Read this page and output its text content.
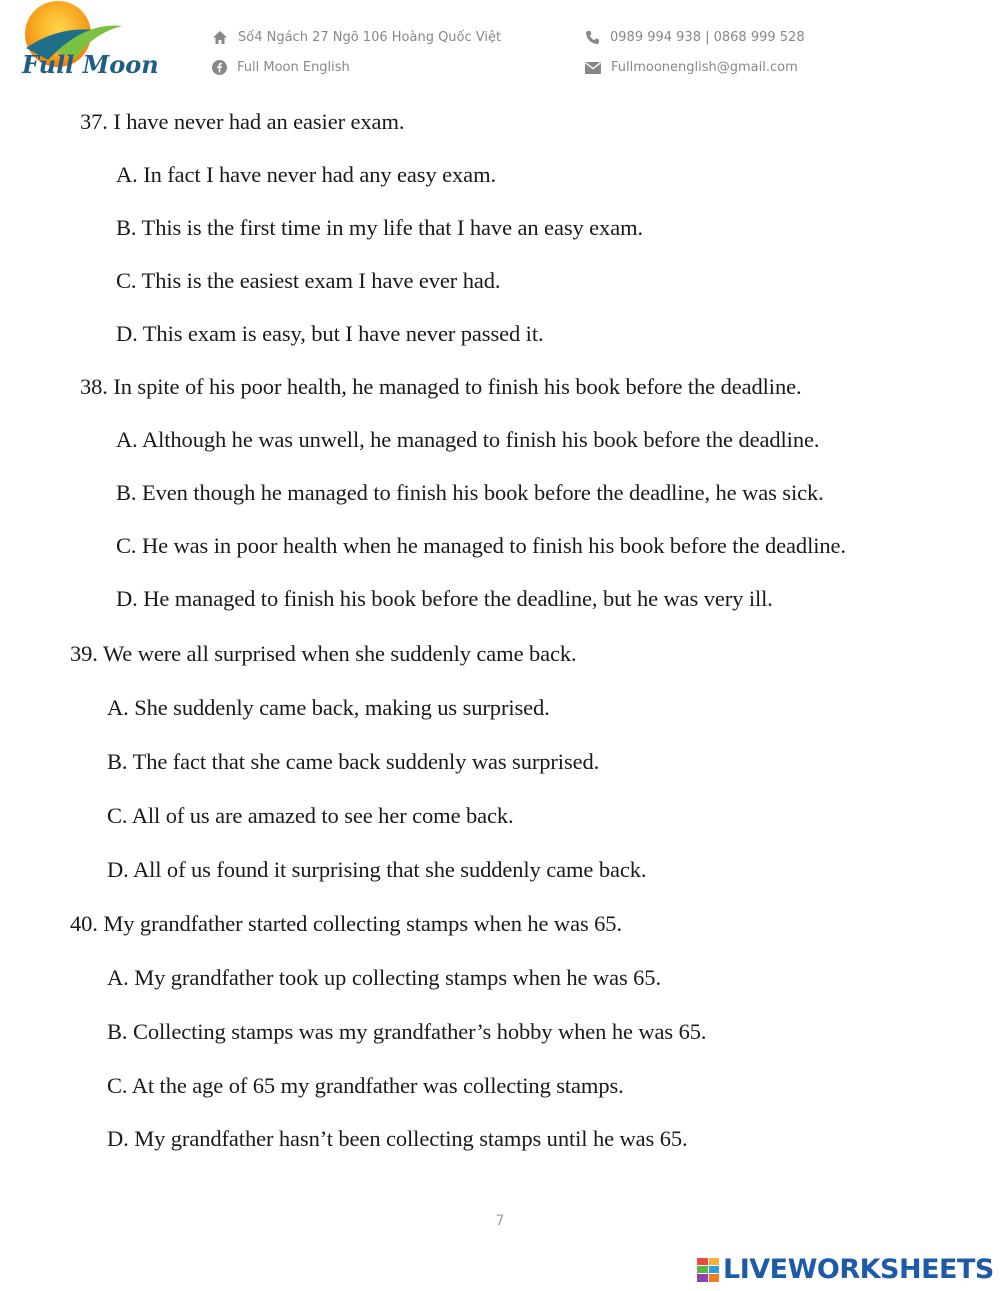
Full Moon
Số4 Ngách 27 Ngõ 106 Hoàng Quốc Việt
Full Moon English
0989 994 938 | 0868 999 528
Fullmoonenglish@gmail.com
37. I have never had an easier exam.
A. In fact I have never had any easy exam.
B. This is the first time in my life that I have an easy exam.
C. This is the easiest exam I have ever had.
D. This exam is easy, but I have never passed it.
38. In spite of his poor health, he managed to finish his book before the deadline.
A. Although he was unwell, he managed to finish his book before the deadline.
B. Even though he managed to finish his book before the deadline, he was sick.
C. He was in poor health when he managed to finish his book before the deadline.
D. He managed to finish his book before the deadline, but he was very ill.
39. We were all surprised when she suddenly came back.
A. She suddenly came back, making us surprised.
B. The fact that she came back suddenly was surprised.
C. All of us are amazed to see her come back.
D. All of us found it surprising that she suddenly came back.
40. My grandfather started collecting stamps when he was 65.
A. My grandfather took up collecting stamps when he was 65.
B. Collecting stamps was my grandfather’s hobby when he was 65.
C. At the age of 65 my grandfather was collecting stamps.
D. My grandfather hasn’t been collecting stamps until he was 65.
7
LIVEWORKSHEETS
